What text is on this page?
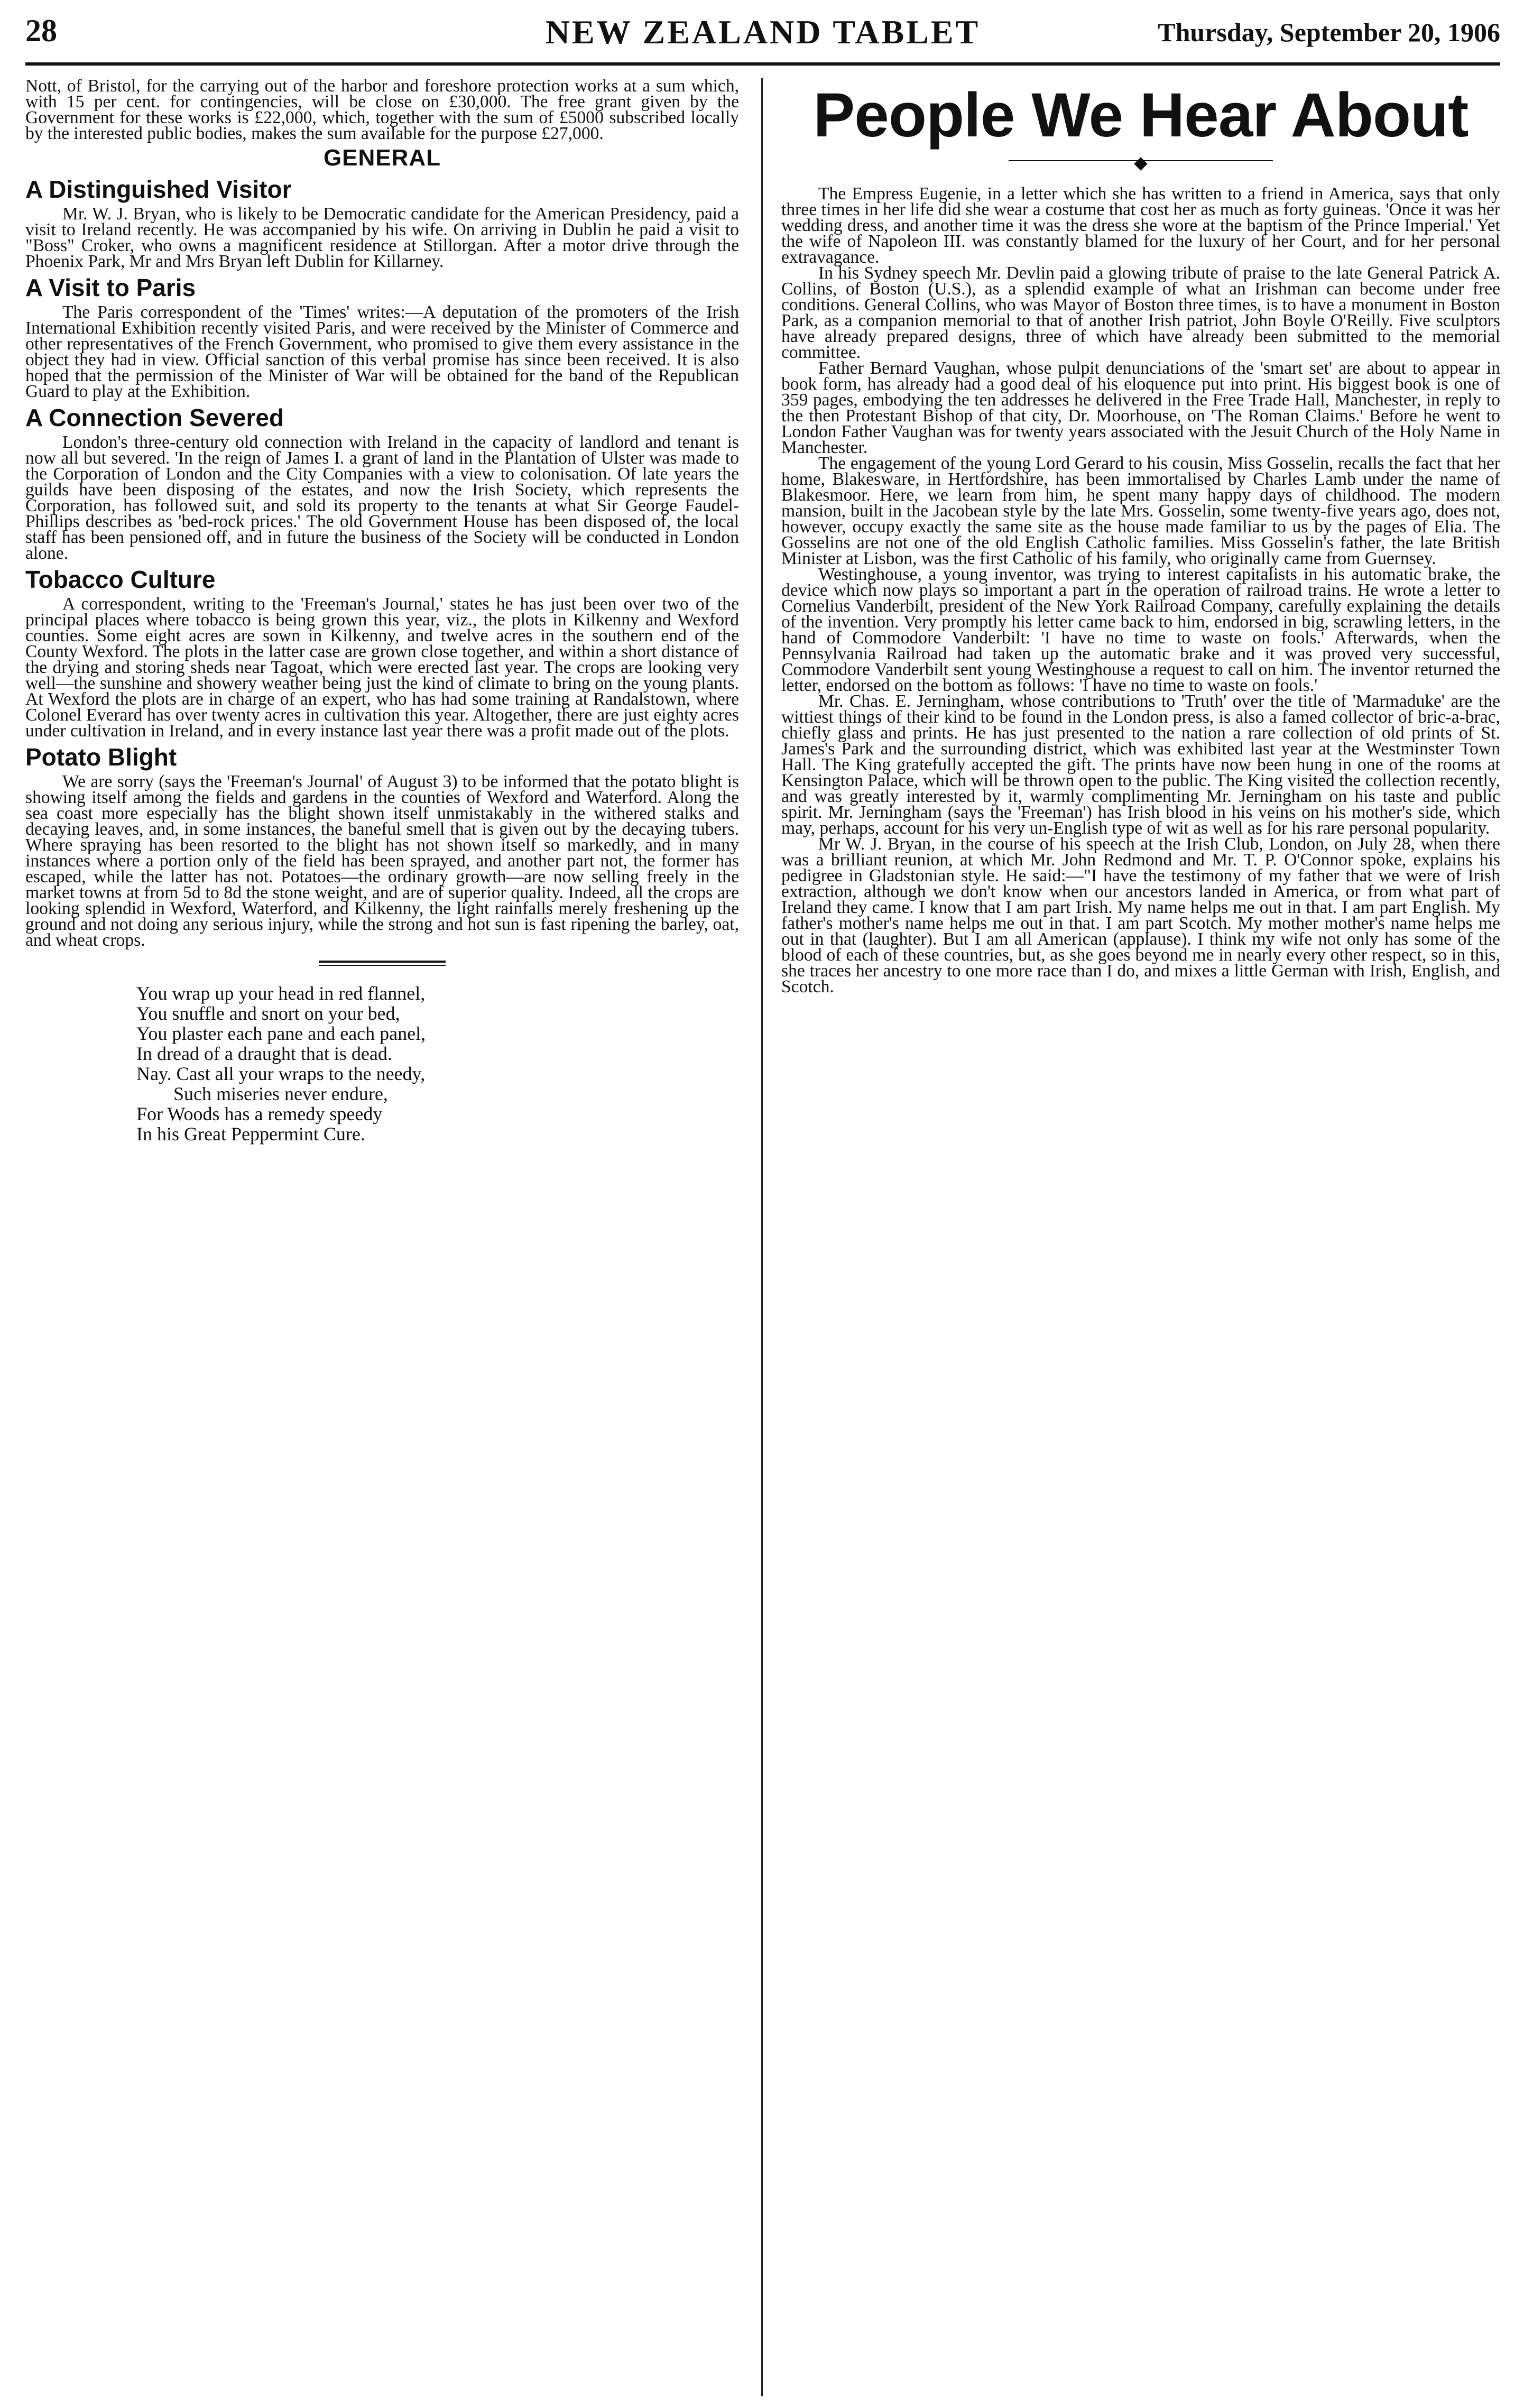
28	NEW ZEALAND TABLET	Thursday, September 20, 1906

Nott, of Bristol, for the carrying out of the harbor and foreshore protection works at a sum which, with 15 per cent. for contingencies, will be close on £30,000. The free grant given by the Government for these works is £22,000, which, together with the sum of £5000 subscribed locally by the interested public bodies, makes the sum available for the purpose £27,000.

GENERAL
A Distinguished Visitor

Mr. W. J. Bryan, who is likely to be Democratic candidate for the American Presidency, paid a visit to Ireland recently. He was accompanied by his wife. On arriving in Dublin he paid a visit to "Boss" Croker, who owns a magnificent residence at Stillorgan. After a motor drive through the Phoenix Park, Mr and Mrs Bryan left Dublin for Killarney.

A Visit to Paris

The Paris correspondent of the 'Times' writes:—A deputation of the promoters of the Irish International Exhibition recently visited Paris, and were received by the Minister of Commerce and other representatives of the French Government, who promised to give them every assistance in the object they had in view. Official sanction of this verbal promise has since been received. It is also hoped that the permission of the Minister of War will be obtained for the band of the Republican Guard to play at the Exhibition.

A Connection Severed

London's three-century old connection with Ireland in the capacity of landlord and tenant is now all but severed. 'In the reign of James I. a grant of land in the Plantation of Ulster was made to the Corporation of London and the City Companies with a view to colonisation. Of late years the guilds have been disposing of the estates, and now the Irish Society, which represents the Corporation, has followed suit, and sold its property to the tenants at what Sir George Faudel-Phillips describes as 'bed-rock prices.' The old Government House has been disposed of, the local staff has been pensioned off, and in future the business of the Society will be conducted in London alone.

Tobacco Culture

A correspondent, writing to the 'Freeman's Journal,' states he has just been over two of the principal places where tobacco is being grown this year, viz., the plots in Kilkenny and Wexford counties. Some eight acres are sown in Kilkenny, and twelve acres in the southern end of the County Wexford. The plots in the latter case are grown close together, and within a short distance of the drying and storing sheds near Tagoat, which were erected last year. The crops are looking very well—the sunshine and showery weather being just the kind of climate to bring on the young plants. At Wexford the plots are in charge of an expert, who has had some training at Randalstown, where Colonel Everard has over twenty acres in cultivation this year. Altogether, there are just eighty acres under cultivation in Ireland, and in every instance last year there was a profit made out of the plots.

Potato Blight

We are sorry (says the 'Freeman's Journal' of August 3) to be informed that the potato blight is showing itself among the fields and gardens in the counties of Wexford and Waterford. Along the sea coast more especially has the blight shown itself unmistakably in the withered stalks and decaying leaves, and, in some instances, the baneful smell that is given out by the decaying tubers. Where spraying has been resorted to the blight has not shown itself so markedly, and in many instances where a portion only of the field has been sprayed, and another part not, the former has escaped, while the latter has not. Potatoes—the ordinary growth—are now selling freely in the market towns at from 5d to 8d the stone weight, and are of superior quality. Indeed, all the crops are looking splendid in Wexford, Waterford, and Kilkenny, the light rainfalls merely freshening up the ground and not doing any serious injury, while the strong and hot sun is fast ripening the barley, oat, and wheat crops.

You wrap up your head in red flannel,
You snuffle and snort on your bed,
You plaster each pane and each panel,
In dread of a draught that is dead.
Nay. Cast all your wraps to the needy,
Such miseries never endure,
For Woods has a remedy speedy
In his Great Peppermint Cure.
People We Hear About

The Empress Eugenie, in a letter which she has written to a friend in America, says that only three times in her life did she wear a costume that cost her as much as forty guineas. 'Once it was her wedding dress, and another time it was the dress she wore at the baptism of the Prince Imperial.' Yet the wife of Napoleon III. was constantly blamed for the luxury of her Court, and for her personal extravagance.

In his Sydney speech Mr. Devlin paid a glowing tribute of praise to the late General Patrick A. Collins, of Boston (U.S.), as a splendid example of what an Irishman can become under free conditions. General Collins, who was Mayor of Boston three times, is to have a monument in Boston Park, as a companion memorial to that of another Irish patriot, John Boyle O'Reilly. Five sculptors have already prepared designs, three of which have already been submitted to the memorial committee.

Father Bernard Vaughan, whose pulpit denunciations of the 'smart set' are about to appear in book form, has already had a good deal of his eloquence put into print. His biggest book is one of 359 pages, embodying the ten addresses he delivered in the Free Trade Hall, Manchester, in reply to the then Protestant Bishop of that city, Dr. Moorhouse, on 'The Roman Claims.' Before he went to London Father Vaughan was for twenty years associated with the Jesuit Church of the Holy Name in Manchester.

The engagement of the young Lord Gerard to his cousin, Miss Gosselin, recalls the fact that her home, Blakesware, in Hertfordshire, has been immortalised by Charles Lamb under the name of Blakesmoor. Here, we learn from him, he spent many happy days of childhood. The modern mansion, built in the Jacobean style by the late Mrs. Gosselin, some twenty-five years ago, does not, however, occupy exactly the same site as the house made familiar to us by the pages of Elia. The Gosselins are not one of the old English Catholic families. Miss Gosselin's father, the late British Minister at Lisbon, was the first Catholic of his family, who originally came from Guernsey.

Westinghouse, a young inventor, was trying to interest capitalists in his automatic brake, the device which now plays so important a part in the operation of railroad trains. He wrote a letter to Cornelius Vanderbilt, president of the New York Railroad Company, carefully explaining the details of the invention. Very promptly his letter came back to him, endorsed in big, scrawling letters, in the hand of Commodore Vanderbilt: 'I have no time to waste on fools.' Afterwards, when the Pennsylvania Railroad had taken up the automatic brake and it was proved very successful, Commodore Vanderbilt sent young Westinghouse a request to call on him. The inventor returned the letter, endorsed on the bottom as follows: 'I have no time to waste on fools.'

Mr. Chas. E. Jerningham, whose contributions to 'Truth' over the title of 'Marmaduke' are the wittiest things of their kind to be found in the London press, is also a famed collector of bric-a-brac, chiefly glass and prints. He has just presented to the nation a rare collection of old prints of St. James's Park and the surrounding district, which was exhibited last year at the Westminster Town Hall. The King gratefully accepted the gift. The prints have now been hung in one of the rooms at Kensington Palace, which will be thrown open to the public. The King visited the collection recently, and was greatly interested by it, warmly complimenting Mr. Jerningham on his taste and public spirit. Mr. Jerningham (says the 'Freeman') has Irish blood in his veins on his mother's side, which may, perhaps, account for his very un-English type of wit as well as for his rare personal popularity.

Mr W. J. Bryan, in the course of his speech at the Irish Club, London, on July 28, when there was a brilliant reunion, at which Mr. John Redmond and Mr. T. P. O'Connor spoke, explains his pedigree in Gladstonian style. He said:—"I have the testimony of my father that we were of Irish extraction, although we don't know when our ancestors landed in America, or from what part of Ireland they came. I know that I am part Irish. My name helps me out in that. I am part English. My father's mother's name helps me out in that. I am part Scotch. My mother mother's name helps me out in that (laughter). But I am all American (applause). I think my wife not only has some of the blood of each of these countries, but, as she goes beyond me in nearly every other respect, so in this, she traces her ancestry to one more race than I do, and mixes a little German with Irish, English, and Scotch.
